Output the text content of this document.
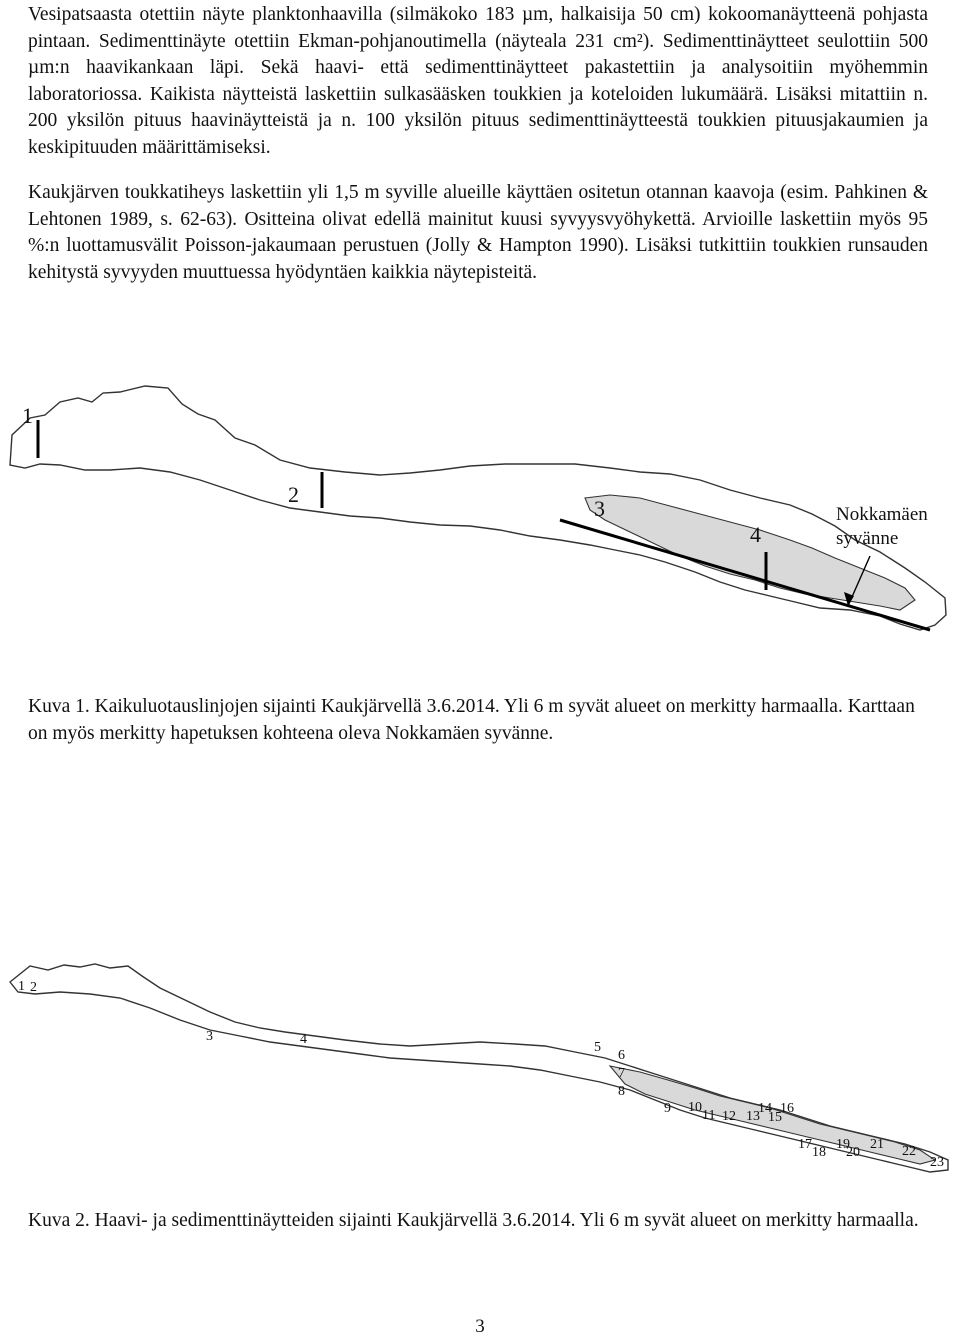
Vesipatsaasta otettiin näyte planktonhaavilla (silmäkoko 183 µm, halkaisija 50 cm) kokoomanäytteenä pohjasta pintaan. Sedimenttinäyte otettiin Ekman-pohjanoutimella (näyteala 231 cm²). Sedimenttinäytteet seulottiin 500 µm:n haavikankaan läpi. Sekä haavi- että sedimenttinäytteet pakastettiin ja analysoitiin myöhemmin laboratoriossa. Kaikista näytteistä laskettiin sulkasääsken toukkien ja koteloiden lukumäärä. Lisäksi mitattiin n. 200 yksilön pituus haavinäytteistä ja n. 100 yksilön pituus sedimenttinäytteestä toukkien pituusjakaumien ja keskipituuden määrittämiseksi.

Kaukjärven toukkatiheys laskettiin yli 1,5 m syville alueille käyttäen ositetun otannan kaavoja (esim. Pahkinen & Lehtonen 1989, s. 62-63). Ositteina olivat edellä mainitut kuusi syvyysvyöhykettä. Arvioille laskettiin myös 95 %:n luottamusvälit Poisson-jakaumaan perustuen (Jolly & Hampton 1990). Lisäksi tutkittiin toukkien runsauden kehitystä syvyyden muuttuessa hyödyntäen kaikkia näytepisteitä.

1
2
3
4
Nokkamäen
syvänne

Kuva 1. Kaikuluotauslinjojen sijainti Kaukjärvellä 3.6.2014. Yli 6 m syvät alueet on merkitty harmaalla. Karttaan on myös merkitty hapetuksen kohteena oleva Nokkamäen syvänne.

1 2
3	4
5
6
7
8
9 10
11 12 13
14
15
16
17
18
19
20
21 22
23

Kuva 2. Haavi- ja sedimenttinäytteiden sijainti Kaukjärvellä 3.6.2014. Yli 6 m syvät alueet on merkitty harmaalla.

3
